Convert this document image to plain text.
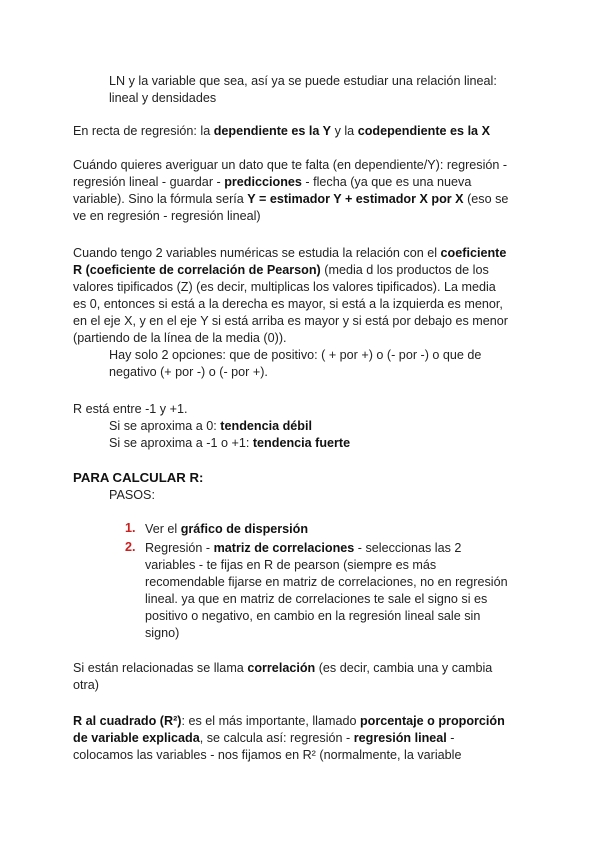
LN y la variable que sea, así ya se puede estudiar una relación lineal:
lineal y densidades

En recta de regresión: la dependiente es la Y y la codependiente es la X

Cuándo quieres averiguar un dato que te falta (en dependiente/Y): regresión -
regresión lineal - guardar - predicciones - flecha (ya que es una nueva
variable). Sino la fórmula sería Y = estimador Y + estimador X por X (eso se
ve en regresión - regresión lineal)

Cuando tengo 2 variables numéricas se estudia la relación con el coeficiente
R (coeficiente de correlación de Pearson) (media d los productos de los
valores tipificados (Z) (es decir, multiplicas los valores tipificados). La media
es 0, entonces si está a la derecha es mayor, si está a la izquierda es menor,
en el eje X, y en el eje Y si está arriba es mayor y si está por debajo es menor
(partiendo de la línea de la media (0)).

Hay solo 2 opciones: que de positivo: ( + por +) o (- por -) o que de
negativo (+ por -) o (- por +).

R está entre -1 y +1.

Si se aproxima a 0: tendencia débil
Si se aproxima a -1 o +1: tendencia fuerte

PARA CALCULAR R:

PASOS:

1. Ver el gráfico de dispersión

2. Regresión - matriz de correlaciones - seleccionas las 2
variables - te fijas en R de pearson (siempre es más
recomendable fijarse en matriz de correlaciones, no en regresión
lineal. ya que en matriz de correlaciones te sale el signo si es
positivo o negativo, en cambio en la regresión lineal sale sin
signo)

Si están relacionadas se llama correlación (es decir, cambia una y cambia
otra)

R al cuadrado (R²): es el más importante, llamado porcentaje o proporción
de variable explicada, se calcula así: regresión - regresión lineal -
colocamos las variables - nos fijamos en R² (normalmente, la variable
